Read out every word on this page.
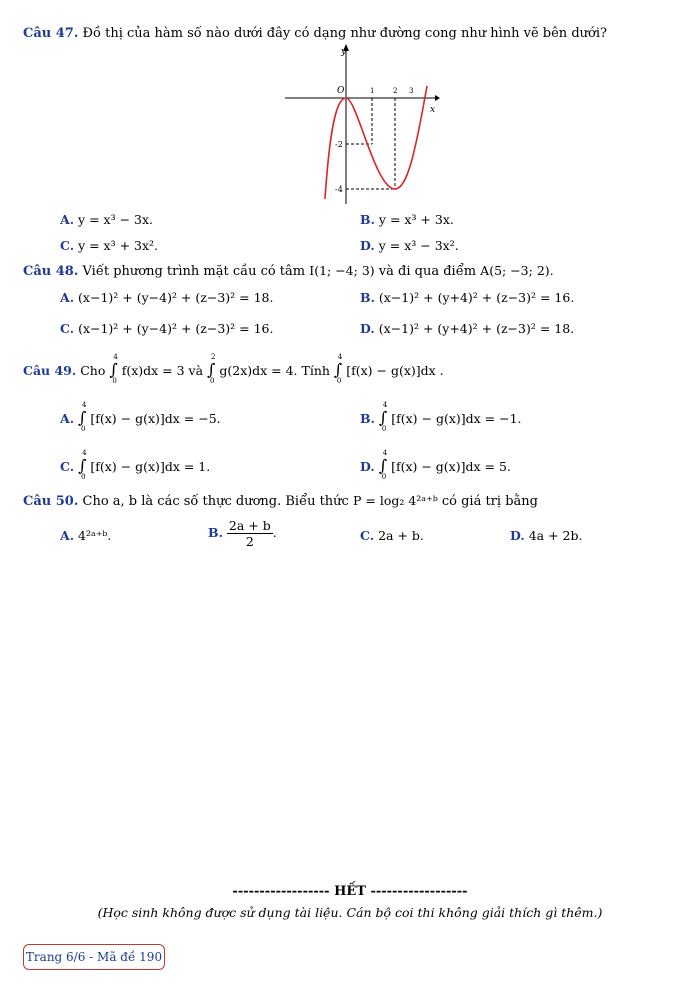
Câu 47. Đồ thị của hàm số nào dưới đây có dạng như đường cong như hình vẽ bên dưới?
y
x
O	1	2 3
-2
-4
A. y = x³ − 3x.	B. y = x³ + 3x.
C. y = x³ + 3x².	D. y = x³ − 3x².
Câu 48. Viết phương trình mặt cầu có tâm I(1; −4; 3) và đi qua điểm A(5; −3; 2).
A. (x−1)² + (y−4)² + (z−3)² = 18.	B. (x−1)² + (y+4)² + (z−3)² = 16.
C. (x−1)² + (y−4)² + (z−3)² = 16.	D. (x−1)² + (y+4)² + (z−3)² = 18.
Câu 49. Cho ∫
4
0
f(x)dx = 3 và ∫
2
0
g(2x)dx = 4. Tính ∫
4
0
[f(x) − g(x)]dx .
A. ∫
4
0
[f(x) − g(x)]dx = −5.	B. ∫
4
0
[f(x) − g(x)]dx = −1.
C. ∫
4
0
[f(x) − g(x)]dx = 1.	D. ∫
4
0
[f(x) − g(x)]dx = 5.
Câu 50. Cho a, b là các số thực dương. Biểu thức P = log₂ 4²ᵃ⁺ᵇ có giá trị bằng
A. 4²ᵃ⁺ᵇ.	B. $\frac{2a + b}{2}$ .	C. 2a + b.	D. 4a + 2b.
------------------ HẾT ------------------
(Học sinh không được sử dụng tài liệu. Cán bộ coi thi không giải thích gì thêm.)
Trang 6/6 - Mã đề 190
